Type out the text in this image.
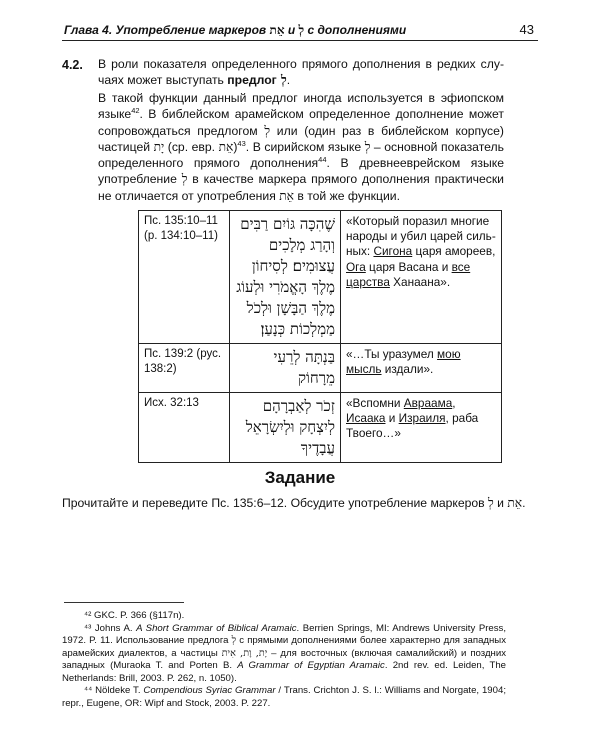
Глава 4. Употребление маркеров אֵת и לְ с дополнениями	43
4.2. В роли показателя определенного прямого дополнения в редких случаях может выступать предлог לְ.
В такой функции данный предлог иногда используется в эфиопском языке$^{42}$. В библейском арамейском определенное дополнение может сопровождаться предлогом לְ или (один раз в библейском корпусе) частицей יָת (ср. евр. אֵת)$^{43}$. В сирийском языке לְ – основной показатель определенного прямого дополнения$^{44}$. В древнееврейском языке употребление לְ в качестве маркера прямого дополнения практически не отличается от употребления אֵת в той же функции.
Пс. 135:10–11 (р. 134:10–11)	שֶׁהִכָּה גּוֹיִם רַבִּים וְהָרַג מְלָכִים עֲצוּמִים׃ לְסִיחוֹן מֶלֶךְ הָאֱמֹרִי וּלְעוֹג מֶלֶךְ הַבָּשָׁן וּלְכֹל מַמְלְכוֹת כְּנָעַן׃	«Который поразил многие народы и убил царей сильных: Сигона царя амореев, Ога царя Васана и все царства Ханаана».
Пс. 139:2 (рус. 138:2)	בַּנְתָּה לְרֵעִי מֵרָחוֹק	«…Ты уразумел мою мысль издали».
Исх. 32:13	זְכֹר לְאַבְרָהָם לְיִצְחָק וּלְיִשְׂרָאֵל עֲבָדֶיךָ	«Вспомни Авраама, Исаака и Израиля, раба Твоего…»
Задание
Прочитайте и переведите Пс. 135:6–12. Обсудите употребление маркеров לְ и אֵת.

⁴² GKC. P. 366 (§117n).

⁴³ Johns A. A Short Grammar of Biblical Aramaic. Berrien Springs, MI: Andrews University Press, 1972. P. 11. Использование предлога לְ с прямыми дополнениями более характерно для западных арамейских диалектов, а частицы יָת, וָת, אִית – для восточных (включая самалийский) и поздних западных (Muraoka T. and Porten B. A Grammar of Egyptian Aramaic. 2nd rev. ed. Leiden, The Netherlands: Brill, 2003. P. 262, n. 1050).

⁴⁴ Nöldeke T. Compendious Syriac Grammar / Trans. Crichton J. S. l.: Williams and Norgate, 1904; repr., Eugene, OR: Wipf and Stock, 2003. P. 227.
